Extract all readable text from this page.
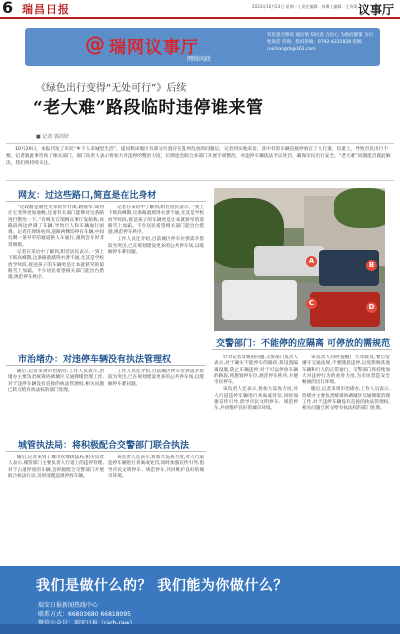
6 瑞昌日报	2023年10月23日 星期一 | 责任编辑：何琳 | 编辑：王诗琦 议事厅
@ 瑞网议事厅
网络问政
有民意尽情说 通民情 知民意 合民心 为政府献策 为百姓说话 咨询、投诉热线：0792-4222828 投稿：ruichangrb@163.com
《绿色出行变得“无处可行”》后续
“老大难”路段临时违停谁来管
■ 记者 郭涓铃

10月29日，本报刊发了市民“乡下人来城里生活”，提问称该地区有部分位置存在乱停乱放的问题后，记者到实地采访，其中有的车辆直接停放在了人行道、盲道上，导致市民出行不便。记者就此事咨询了相关部门，部门负责人表示将加大对违停的整治力度，后期也会联合多部门开展专项整治，对违停车辆依法予以处罚，确保市民出行安全。“老大难”问题能否就此解决，我们将持续关注。

网友：过这些路口,简直是在比身材

“这段路是通往光荣的步行街,路很窄,如何让它变得更加通畅,还请有关部门能够对这条路进行整治一下。”有网友在瑞网议事厅发帖称,该路段两边停满了车辆,导致行人和车辆通行困难。记者在现场看到,道路两侧均停有车辆,中间仅剩一条窄窄的通道供人车通行,遇到会车时非常拥堵。

记者在采访中了解到,附近居民表示,一到上下班高峰期,这条路就堵得水泄不通,尤其是学校放学时段,接送孩子的车辆更是让本就狭窄的道路雪上加霜。不少居民希望相关部门能出台措施,规范停车秩序。

记者在采访中了解到,附近居民表示,一到上下班高峰期,这条路就堵得水泄不通,尤其是学校放学时段,接送孩子的车辆更是让本就狭窄的道路雪上加霜。不少居民希望相关部门能出台措施,规范停车秩序。

工作人员还介绍,目前城区停车位供需矛盾较为突出,已在规划建设更多的公共停车场,以缓解停车难问题。

市治堵办：对违停车辆没有执法管理权

随后,记者来到市治堵办,工作人员表示,治堵办主要负责统筹协调城区交通拥堵治理工作,对于违停车辆没有直接的执法管理权,相关问题已转交给有执法权的部门处理。

工作人员还介绍,目前城区停车位供需矛盾较为突出,已在规划建设更多的公共停车场,以缓解停车难问题。

城管执法局：将积极配合交警部门联合执法

随后,记者来到了城市管理执法局,相关负责人表示,城管部门主要负责人行道上的违停管理,对于占道停放的车辆,会积极配合交警部门开展联合执法行动,及时清理违规停放车辆。

该负责人还表示,将加大巡查力度,对人行道违停车辆进行劝离或处罚,同时加强宣传引导,倡导市民文明停车、规范停车,共同维护良好的城市环境。

A	B
C	D
交警部门：不能停的应隔离 可停放的需规范

针对记者反映的问题,交警部门负责人表示,对于确实不能停车的路段,将设置隔离设施,防止车辆违停;对于可以停放车辆的路段,将施划停车位,规范停车秩序,方便市民停车。

该负责人还表示,将加大巡查力度,对人行道违停车辆进行劝离或处罚,同时加强宣传引导,倡导市民文明停车、规范停车,共同维护良好的城市环境。

该负责人同时提醒广大驾驶员,要自觉遵守交通法规,不要随意违停,以免影响其他车辆和行人的正常通行。交警部门将持续加大对违停行为的查处力度,为市民营造安全畅通的出行环境。

随后,记者来到市治堵办,工作人员表示,治堵办主要负责统筹协调城区交通拥堵治理工作,对于违停车辆没有直接的执法管理权,相关问题已转交给有执法权的部门处理。

我们是做什么的？ 我们能为你做什么？
瑞安日报新闻热线中心
联系方式：66803680 66818095
